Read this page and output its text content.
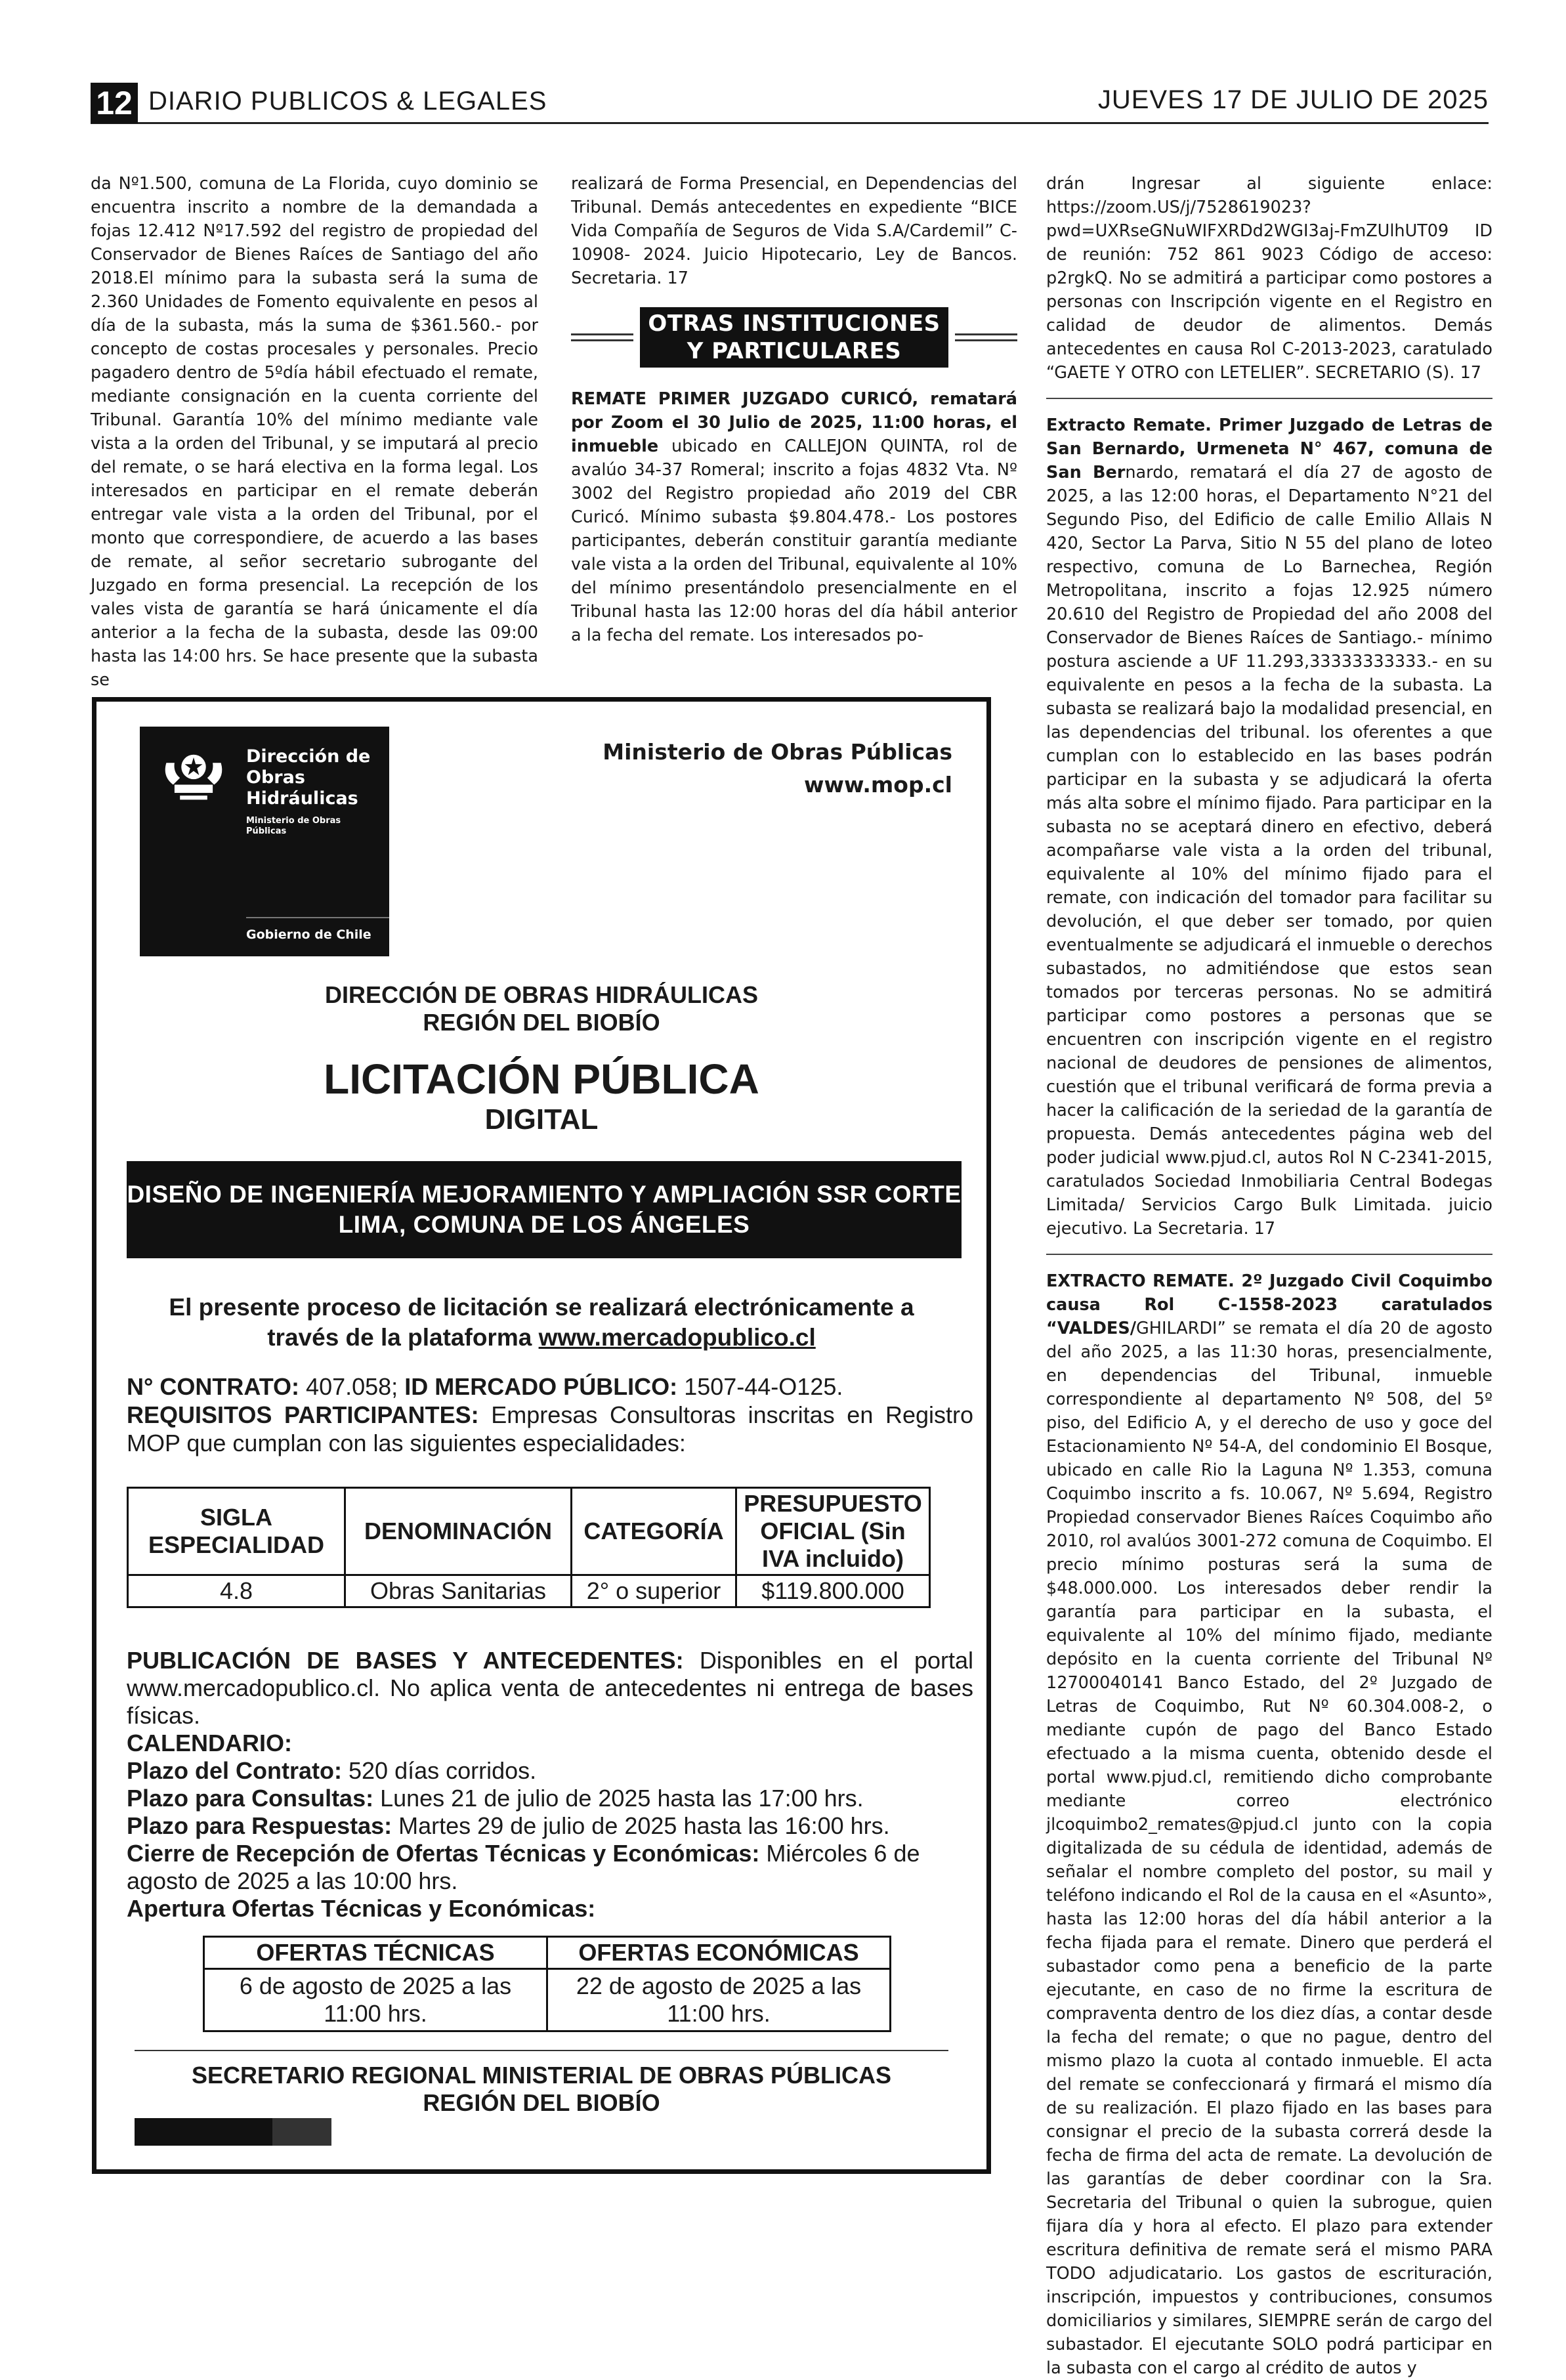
12 DIARIO PUBLICOS & LEGALES	JUEVES 17 DE JULIO DE 2025

da Nº1.500, comuna de La Florida, cuyo dominio se encuentra inscrito a nombre de la demandada a fojas 12.412 Nº17.592 del registro de propiedad del Conservador de Bienes Raíces de Santiago del año 2018.El mínimo para la subasta será la suma de 2.360 Unidades de Fomento equivalente en pesos al día de la subasta, más la suma de $361.560.- por concepto de costas procesales y personales. Precio pagadero dentro de 5ºdía hábil efectuado el remate, mediante consignación en la cuenta corriente del Tribunal. Garantía 10% del mínimo mediante vale vista a la orden del Tribunal, y se imputará al precio del remate, o se hará electiva en la forma legal. Los interesados en participar en el remate deberán entregar vale vista a la orden del Tribunal, por el monto que correspondiere, de acuerdo a las bases de remate, al señor secretario subrogante del Juzgado en forma presencial. La recepción de los vales vista de garantía se hará únicamente el día anterior a la fecha de la subasta, desde las 09:00 hasta las 14:00 hrs. Se hace presente que la subasta se

realizará de Forma Presencial, en Dependencias del Tribunal. Demás antecedentes en expediente “BICE Vida Compañía de Seguros de Vida S.A/Cardemil” C-10908- 2024. Juicio Hipotecario, Ley de Bancos. Secretaria. 17

OTRAS INSTITUCIONES
Y PARTICULARES

REMATE PRIMER JUZGADO CURICÓ, rematará por Zoom el 30 Julio de 2025, 11:00 horas, el inmueble ubicado en CALLEJON QUINTA, rol de avalúo 34-37 Romeral; inscrito a fojas 4832 Vta. Nº 3002 del Registro propiedad año 2019 del CBR Curicó. Mínimo subasta $9.804.478.- Los postores participantes, deberán constituir garantía mediante vale vista a la orden del Tribunal, equivalente al 10% del mínimo presentándolo presencialmente en el Tribunal hasta las 12:00 horas del día hábil anterior a la fecha del remate. Los interesados po-

drán Ingresar al siguiente enlace: https://zoom.US/j/7528619023?pwd=UXRseGNuWIFXRDd2WGI3aj-FmZUlhUT09 ID de reunión: 752 861 9023 Código de acceso: p2rgkQ. No se admitirá a participar como postores a personas con Inscripción vigente en el Registro en calidad de deudor de alimentos. Demás antecedentes en causa Rol C-2013-2023, caratulado “GAETE Y OTRO con LETELIER”. SECRETARIO (S). 17

Extracto Remate. Primer Juzgado de Letras de San Bernardo, Urmeneta N° 467, comuna de San Bernardo, rematará el día 27 de agosto de 2025, a las 12:00 horas, el Departamento N°21 del Segundo Piso, del Edificio de calle Emilio Allais N 420, Sector La Parva, Sitio N 55 del plano de loteo respectivo, comuna de Lo Barnechea, Región Metropolitana, inscrito a fojas 12.925 número 20.610 del Registro de Propiedad del año 2008 del Conservador de Bienes Raíces de Santiago.- mínimo postura asciende a UF 11.293,33333333333.- en su equivalente en pesos a la fecha de la subasta. La subasta se realizará bajo la modalidad presencial, en las dependencias del tribunal. los oferentes a que cumplan con lo establecido en las bases podrán participar en la subasta y se adjudicará la oferta más alta sobre el mínimo fijado. Para participar en la subasta no se aceptará dinero en efectivo, deberá acompañarse vale vista a la orden del tribunal, equivalente al 10% del mínimo fijado para el remate, con indicación del tomador para facilitar su devolución, el que deber ser tomado, por quien eventualmente se adjudicará el inmueble o derechos subastados, no admitiéndose que estos sean tomados por terceras personas. No se admitirá participar como postores a personas que se encuentren con inscripción vigente en el registro nacional de deudores de pensiones de alimentos, cuestión que el tribunal verificará de forma previa a hacer la calificación de la seriedad de la garantía de propuesta. Demás antecedentes página web del poder judicial www.pjud.cl, autos Rol N C-2341-2015, caratulados Sociedad Inmobiliaria Central Bodegas Limitada/ Servicios Cargo Bulk Limitada. juicio ejecutivo. La Secretaria. 17

EXTRACTO REMATE. 2º Juzgado Civil Coquimbo causa Rol C-1558-2023 caratulados “VALDES/GHILARDI” se remata el día 20 de agosto del año 2025, a las 11:30 horas, presencialmente, en dependencias del Tribunal, inmueble correspondiente al departamento Nº 508, del 5º piso, del Edificio A, y el derecho de uso y goce del Estacionamiento Nº 54-A, del condominio El Bosque, ubicado en calle Rio la Laguna Nº 1.353, comuna Coquimbo inscrito a fs. 10.067, Nº 5.694, Registro Propiedad conservador Bienes Raíces Coquimbo año 2010, rol avalúos 3001-272 comuna de Coquimbo. El precio mínimo posturas será la suma de $48.000.000. Los interesados deber rendir la garantía para participar en la subasta, el equivalente al 10% del mínimo fijado, mediante depósito en la cuenta corriente del Tribunal Nº 12700040141 Banco Estado, del 2º Juzgado de Letras de Coquimbo, Rut Nº 60.304.008-2, o mediante cupón de pago del Banco Estado efectuado a la misma cuenta, obtenido desde el portal www.pjud.cl, remitiendo dicho comprobante mediante correo electrónico jlcoquimbo2_remates@pjud.cl junto con la copia digitalizada de su cédula de identidad, además de señalar el nombre completo del postor, su mail y teléfono indicando el Rol de la causa en el «Asunto», hasta las 12:00 horas del día hábil anterior a la fecha fijada para el remate. Dinero que perderá el subastador como pena a beneficio de la parte ejecutante, en caso de no firme la escritura de compraventa dentro de los diez días, a contar desde la fecha del remate; o que no pague, dentro del mismo plazo la cuota al contado inmueble. El acta del remate se confeccionará y firmará el mismo día de su realización. El plazo fijado en las bases para consignar el precio de la subasta correrá desde la fecha de firma del acta de remate. La devolución de las garantías de deber coordinar con la Sra. Secretaria del Tribunal o quien la subrogue, quien fijara día y hora al efecto. El plazo para extender escritura definitiva de remate será el mismo PARA TODO adjudicatario. Los gastos de escrituración, inscripción, impuestos y contribuciones, consumos domiciliarios y similares, SIEMPRE serán de cargo del subastador. El ejecutante SOLO podrá participar en la subasta con el cargo al crédito de autos y

Dirección de
Obras
Hidráulicas
Ministerio de Obras
Públicas
Gobierno de Chile
Ministerio de Obras Públicas
www.mop.cl
DIRECCIÓN DE OBRAS HIDRÁULICAS
REGIÓN DEL BIOBÍO
LICITACIÓN PÚBLICA
DIGITAL
DISEÑO DE INGENIERÍA MEJORAMIENTO Y AMPLIACIÓN SSR CORTE
LIMA, COMUNA DE LOS ÁNGELES
El presente proceso de licitación se realizará electrónicamente a
través de la plataforma www.mercadopublico.cl
N° CONTRATO: 407.058; ID MERCADO PÚBLICO: 1507-44-O125.
REQUISITOS PARTICIPANTES: Empresas Consultoras inscritas en Registro MOP que cumplan con las siguientes especialidades:
SIGLA ESPECIALIDAD	DENOMINACIÓN	CATEGORÍA	PRESUPUESTO OFICIAL (Sin IVA incluido)
4.8	Obras Sanitarias	2° o superior	$119.800.000
PUBLICACIÓN DE BASES Y ANTECEDENTES: Disponibles en el portal www.mercadopublico.cl. No aplica venta de antecedentes ni entrega de bases físicas.
CALENDARIO:
Plazo del Contrato: 520 días corridos.
Plazo para Consultas: Lunes 21 de julio de 2025 hasta las 17:00 hrs.
Plazo para Respuestas: Martes 29 de julio de 2025 hasta las 16:00 hrs.
Cierre de Recepción de Ofertas Técnicas y Económicas: Miércoles 6 de agosto de 2025 a las 10:00 hrs.
Apertura Ofertas Técnicas y Económicas:
OFERTAS TÉCNICAS	OFERTAS ECONÓMICAS
6 de agosto de 2025 a las 11:00 hrs.	22 de agosto de 2025 a las 11:00 hrs.
SECRETARIO REGIONAL MINISTERIAL DE OBRAS PÚBLICAS
REGIÓN DEL BIOBÍO
